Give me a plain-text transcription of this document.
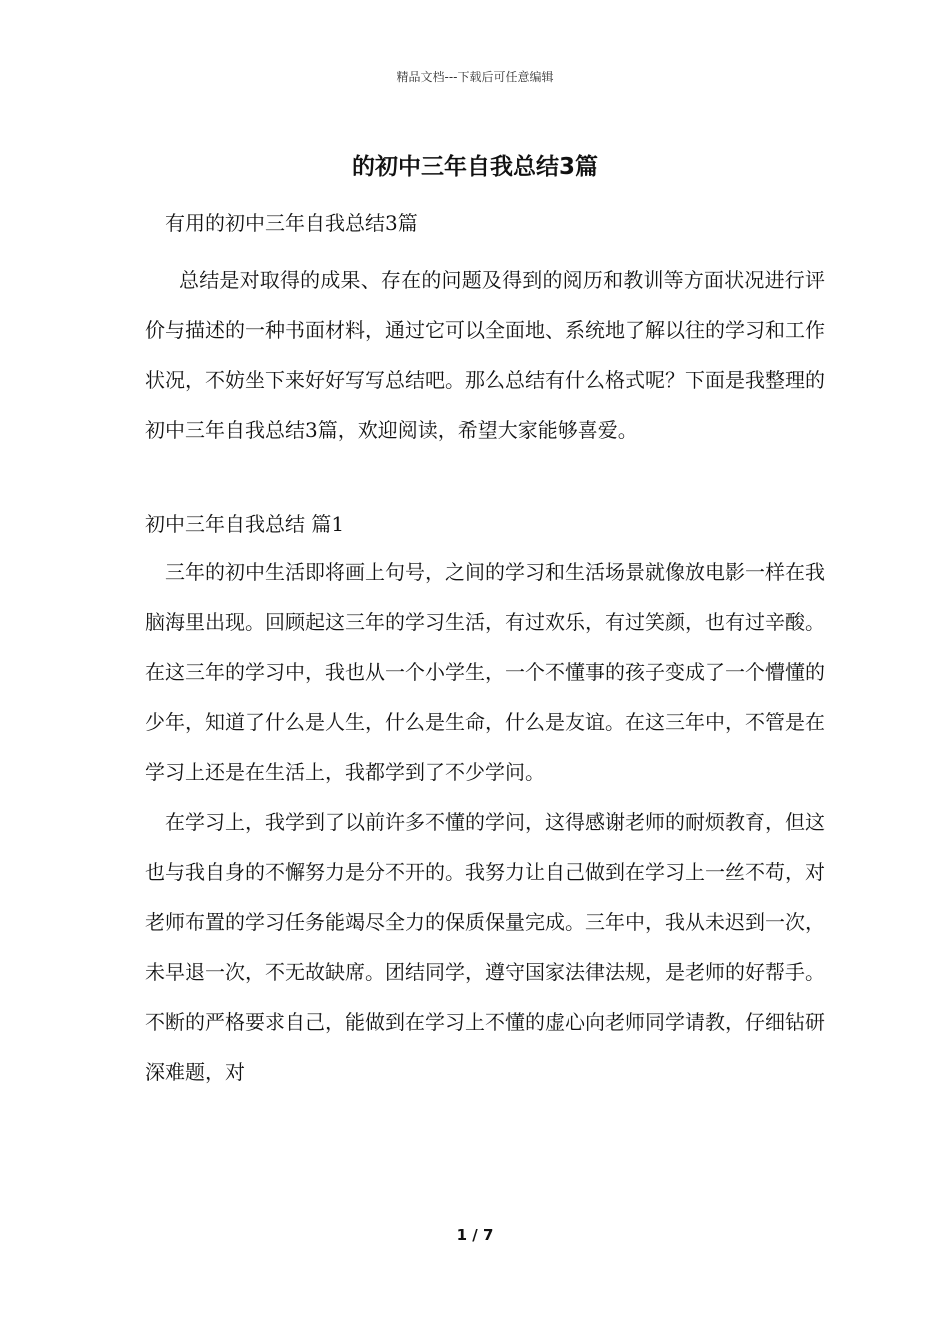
精品文档---下载后可任意编辑
的初中三年自我总结3篇

有用的初中三年自我总结3篇

总结是对取得的成果、存在的问题及得到的阅历和教训等方面状况进行评价与描述的一种书面材料，通过它可以全面地、系统地了解以往的学习和工作状况，不妨坐下来好好写写总结吧。那么总结有什么格式呢？下面是我整理的初中三年自我总结3篇，欢迎阅读，希望大家能够喜爱。

初中三年自我总结 篇1

三年的初中生活即将画上句号，之间的学习和生活场景就像放电影一样在我脑海里出现。回顾起这三年的学习生活，有过欢乐，有过笑颜，也有过辛酸。在这三年的学习中，我也从一个小学生，一个不懂事的孩子变成了一个懵懂的少年，知道了什么是人生，什么是生命，什么是友谊。在这三年中，不管是在学习上还是在生活上，我都学到了不少学问。

在学习上，我学到了以前许多不懂的学问，这得感谢老师的耐烦教育，但这也与我自身的不懈努力是分不开的。我努力让自己做到在学习上一丝不苟，对老师布置的学习任务能竭尽全力的保质保量完成。三年中，我从未迟到一次，未早退一次，不无故缺席。团结同学，遵守国家法律法规，是老师的好帮手。不断的严格要求自己，能做到在学习上不懂的虚心向老师同学请教，仔细钻研深难题，对

1 / 7
